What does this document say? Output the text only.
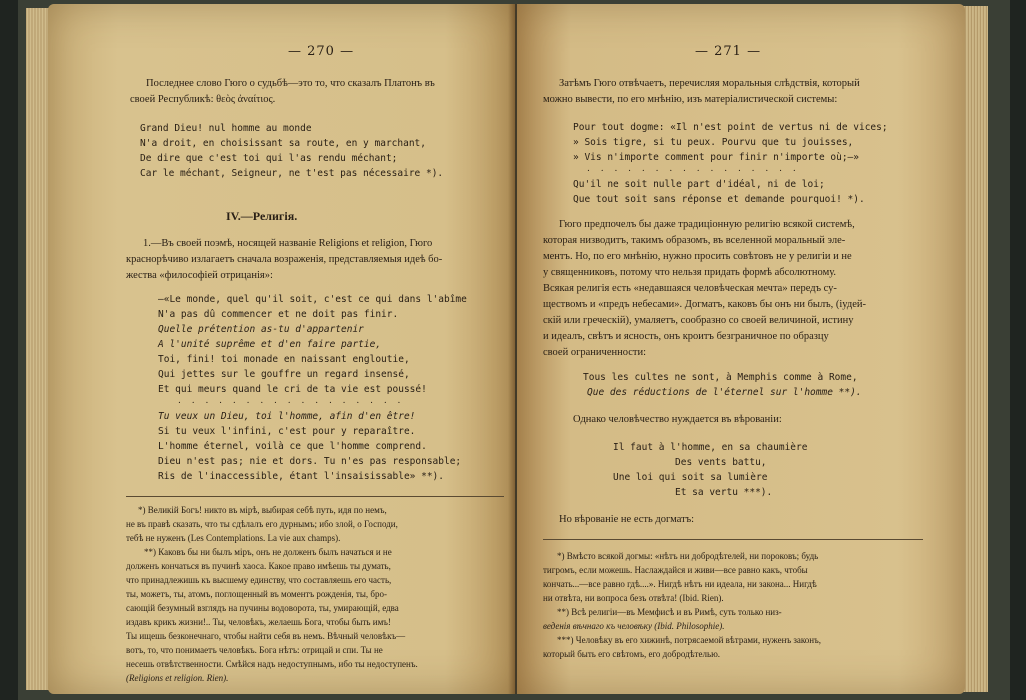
— 270 —
Последнее слово Гюго о судьбѣ—это то, что сказалъ Платонъ въ
своей Республикѣ: θεὸς ἀναίτιος.
Grand Dieu! nul homme au monde
N'a droit, en choisissant sa route, en y marchant,
De dire que c'est toi qui l'as rendu méchant;
Car le méchant, Seigneur, ne t'est pas nécessaire *).
IV.—Религія.
1.—Въ своей поэмѣ, носящей названіе Religions et religion, Гюго
краснорѣчиво излагаетъ сначала возраженія, представляемыя идеѣ бо-
жества «философіей отрицанія»:
—«Le monde, quel qu'il soit, c'est ce qui dans l'abîme
N'a pas dû commencer et ne doit pas finir.
Quelle prétention as-tu d'appartenir
A l'unité suprême et d'en faire partie,
Toi, fini! toi monade en naissant engloutie,
Qui jettes sur le gouffre un regard insensé,
Et qui meurs quand le cri de ta vie est poussé!
. . . . . . . . . . . . . . . . .
Tu veux un Dieu, toi l'homme, afin d'en être!
Si tu veux l'infini, c'est pour y reparaître.
L'homme éternel, voilà ce que l'homme comprend.
Dieu n'est pas; nie et dors. Tu n'es pas responsable;
Ris de l'inaccessible, étant l'insaisissable» **).
*) Великій Богъ! никто въ мірѣ, выбирая себѣ путь, идя по немъ,
не въ правѣ сказать, что ты сдѣлалъ его дурнымъ; ибо злой, о Господи,
тебѣ не нуженъ (Les Contemplations. La vie aux champs).
**) Каковъ бы ни былъ міръ, онъ не долженъ былъ начаться и не
долженъ кончаться въ пучинѣ хаоса. Какое право имѣешь ты думать,
что принадлежишь къ высшему единству, что составляешь его часть,
ты, можетъ, ты, атомъ, поглощенный въ моментъ рожденія, ты, бро-
сающій безумный взглядъ на пучины водоворота, ты, умирающій, едва
издавъ крикъ жизни!.. Ты, человѣкъ, желаешь Бога, чтобы быть имъ!
Ты ищешь безконечнаго, чтобы найти себя въ немъ. Вѣчный человѣкъ—
вотъ, то, что понимаетъ человѣкъ. Бога нѣтъ: отрицай и спи. Ты не
несешь отвѣтственности. Смѣйся надъ недоступнымъ, ибо ты недоступенъ.
(Religions et religion. Rien).
— 271 —
Затѣмъ Гюго отвѣчаетъ, перечисляя моральныя слѣдствія, который
можно вывести, по его мнѣнію, изъ матеріалистической системы:
Pour tout dogme: «Il n'est point de vertus ni de vices;
» Sois tigre, si tu peux. Pourvu que tu jouisses,
» Vis n'importe comment pour finir n'importe où;—»
. . . . . . . . . . . . . . . .
Qu'il ne soit nulle part d'idéal, ni de loi;
Que tout soit sans réponse et demande pourquoi! *).
Гюго предпочелъ бы даже традиціонную религію всякой системѣ,
которая низводитъ, такимъ образомъ, въ вселенной моральный эле-
ментъ. Но, по его мнѣнію, нужно просить совѣтовъ не у религіи и не
у священниковъ, потому что нельзя придать формѣ абсолютному.
Всякая религія есть «недавшаяся человѣческая мечта» передъ су-
ществомъ и «предъ небесами». Догматъ, каковъ бы онъ ни былъ, (іудей-
скій или греческій), умаляетъ, сообразно со своей величиной, истину
и идеалъ, свѣтъ и ясность, онъ кроитъ безграничное по образцу
своей ограниченности:
Tous les cultes ne sont, à Memphis comme à Rome,
Que des réductions de l'éternel sur l'homme **).
Однако человѣчество нуждается въ вѣрованіи:
Il faut à l'homme, en sa chaumière
Des vents battu,
Une loi qui soit sa lumière
Et sa vertu ***).
Но вѣрованіе не есть догматъ:
*) Вмѣсто всякой догмы: «нѣтъ ни добродѣтелей, ни пороковъ; будь
тигромъ, если можешь. Наслаждайся и живи—все равно какъ, чтобы
кончать...—все равно гдѣ....». Нигдѣ нѣтъ ни идеала, ни закона... Нигдѣ
ни отвѣта, ни вопроса безъ отвѣта! (Ibid. Rien).
**) Всѣ религіи—въ Мемфисѣ и въ Римѣ, суть только низ-
веденія вѣчнаго къ человѣку (Ibid. Philosophie).
***) Человѣку въ его хижинѣ, потрясаемой вѣтрами, нуженъ законъ,
который быть его свѣтомъ, его добродѣтелью.
